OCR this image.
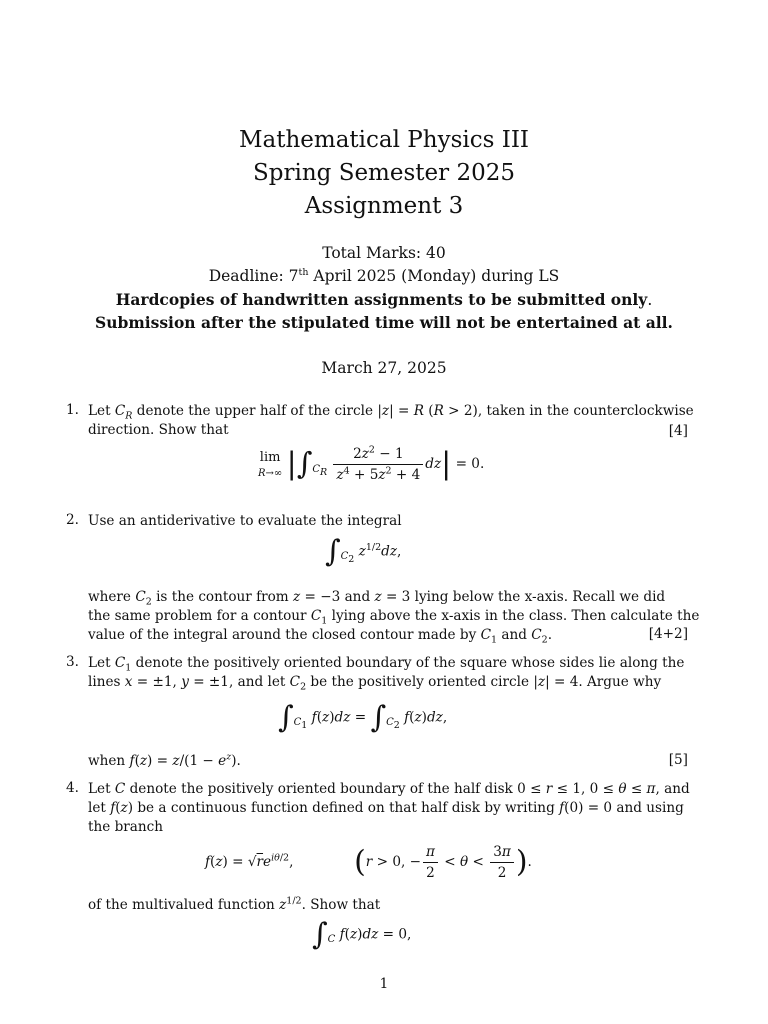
Mathematical Physics III
Spring Semester 2025
Assignment 3
Total Marks: 40
Deadline: 7th April 2025 (Monday) during LS
Hardcopies of handwritten assignments to be submitted only.
Submission after the stipulated time will not be entertained at all.
March 27, 2025
1. Let $C_R$ denote the upper half of the circle |z| = R (R > 2), taken in the counterclockwise
direction. Show that	[4]
lim
R→∞ $|\int_{C_R} \frac{2z^2 - 1}{z^4 + 5z^2 + 4} dz| = 0$.
2. Use an antiderivative to evaluate the integral
$\int_{C_2}$ $z^{1/2}dz$,
where $C_2$ is the contour from z = −3 and z = 3 lying below the x-axis. Recall we did
the same problem for a contour $C_1$ lying above the x-axis in the class. Then calculate the
value of the integral around the closed contour made by $C_1$ and $C_2$.	[4+2]
3. Let $C_1$ denote the positively oriented boundary of the square whose sides lie along the
lines x = ±1, y = ±1, and let $C_2$ be the positively oriented circle |z| = 4. Argue why
$\int_{C_1}$ $f(z)dz = \int_{C_2}$ f(z)dz,
when $f(z) = z/(1 - e^z)$.	[5]
4. Let C denote the positively oriented boundary of the half disk 0 ≤ r ≤ 1, 0 ≤ θ ≤ π, and
let f(z) be a continuous function defined on that half disk by writing f(0) = 0 and using
the branch
$f(z) = √re^{i\theta/2}$,  (r > 0, − $\frac{\pi}{2} < \theta < \frac{3\pi}{2}$ ).
of the multivalued function $z^{1/2}$. Show that
$\int_C$ f(z)dz = 0,
1
